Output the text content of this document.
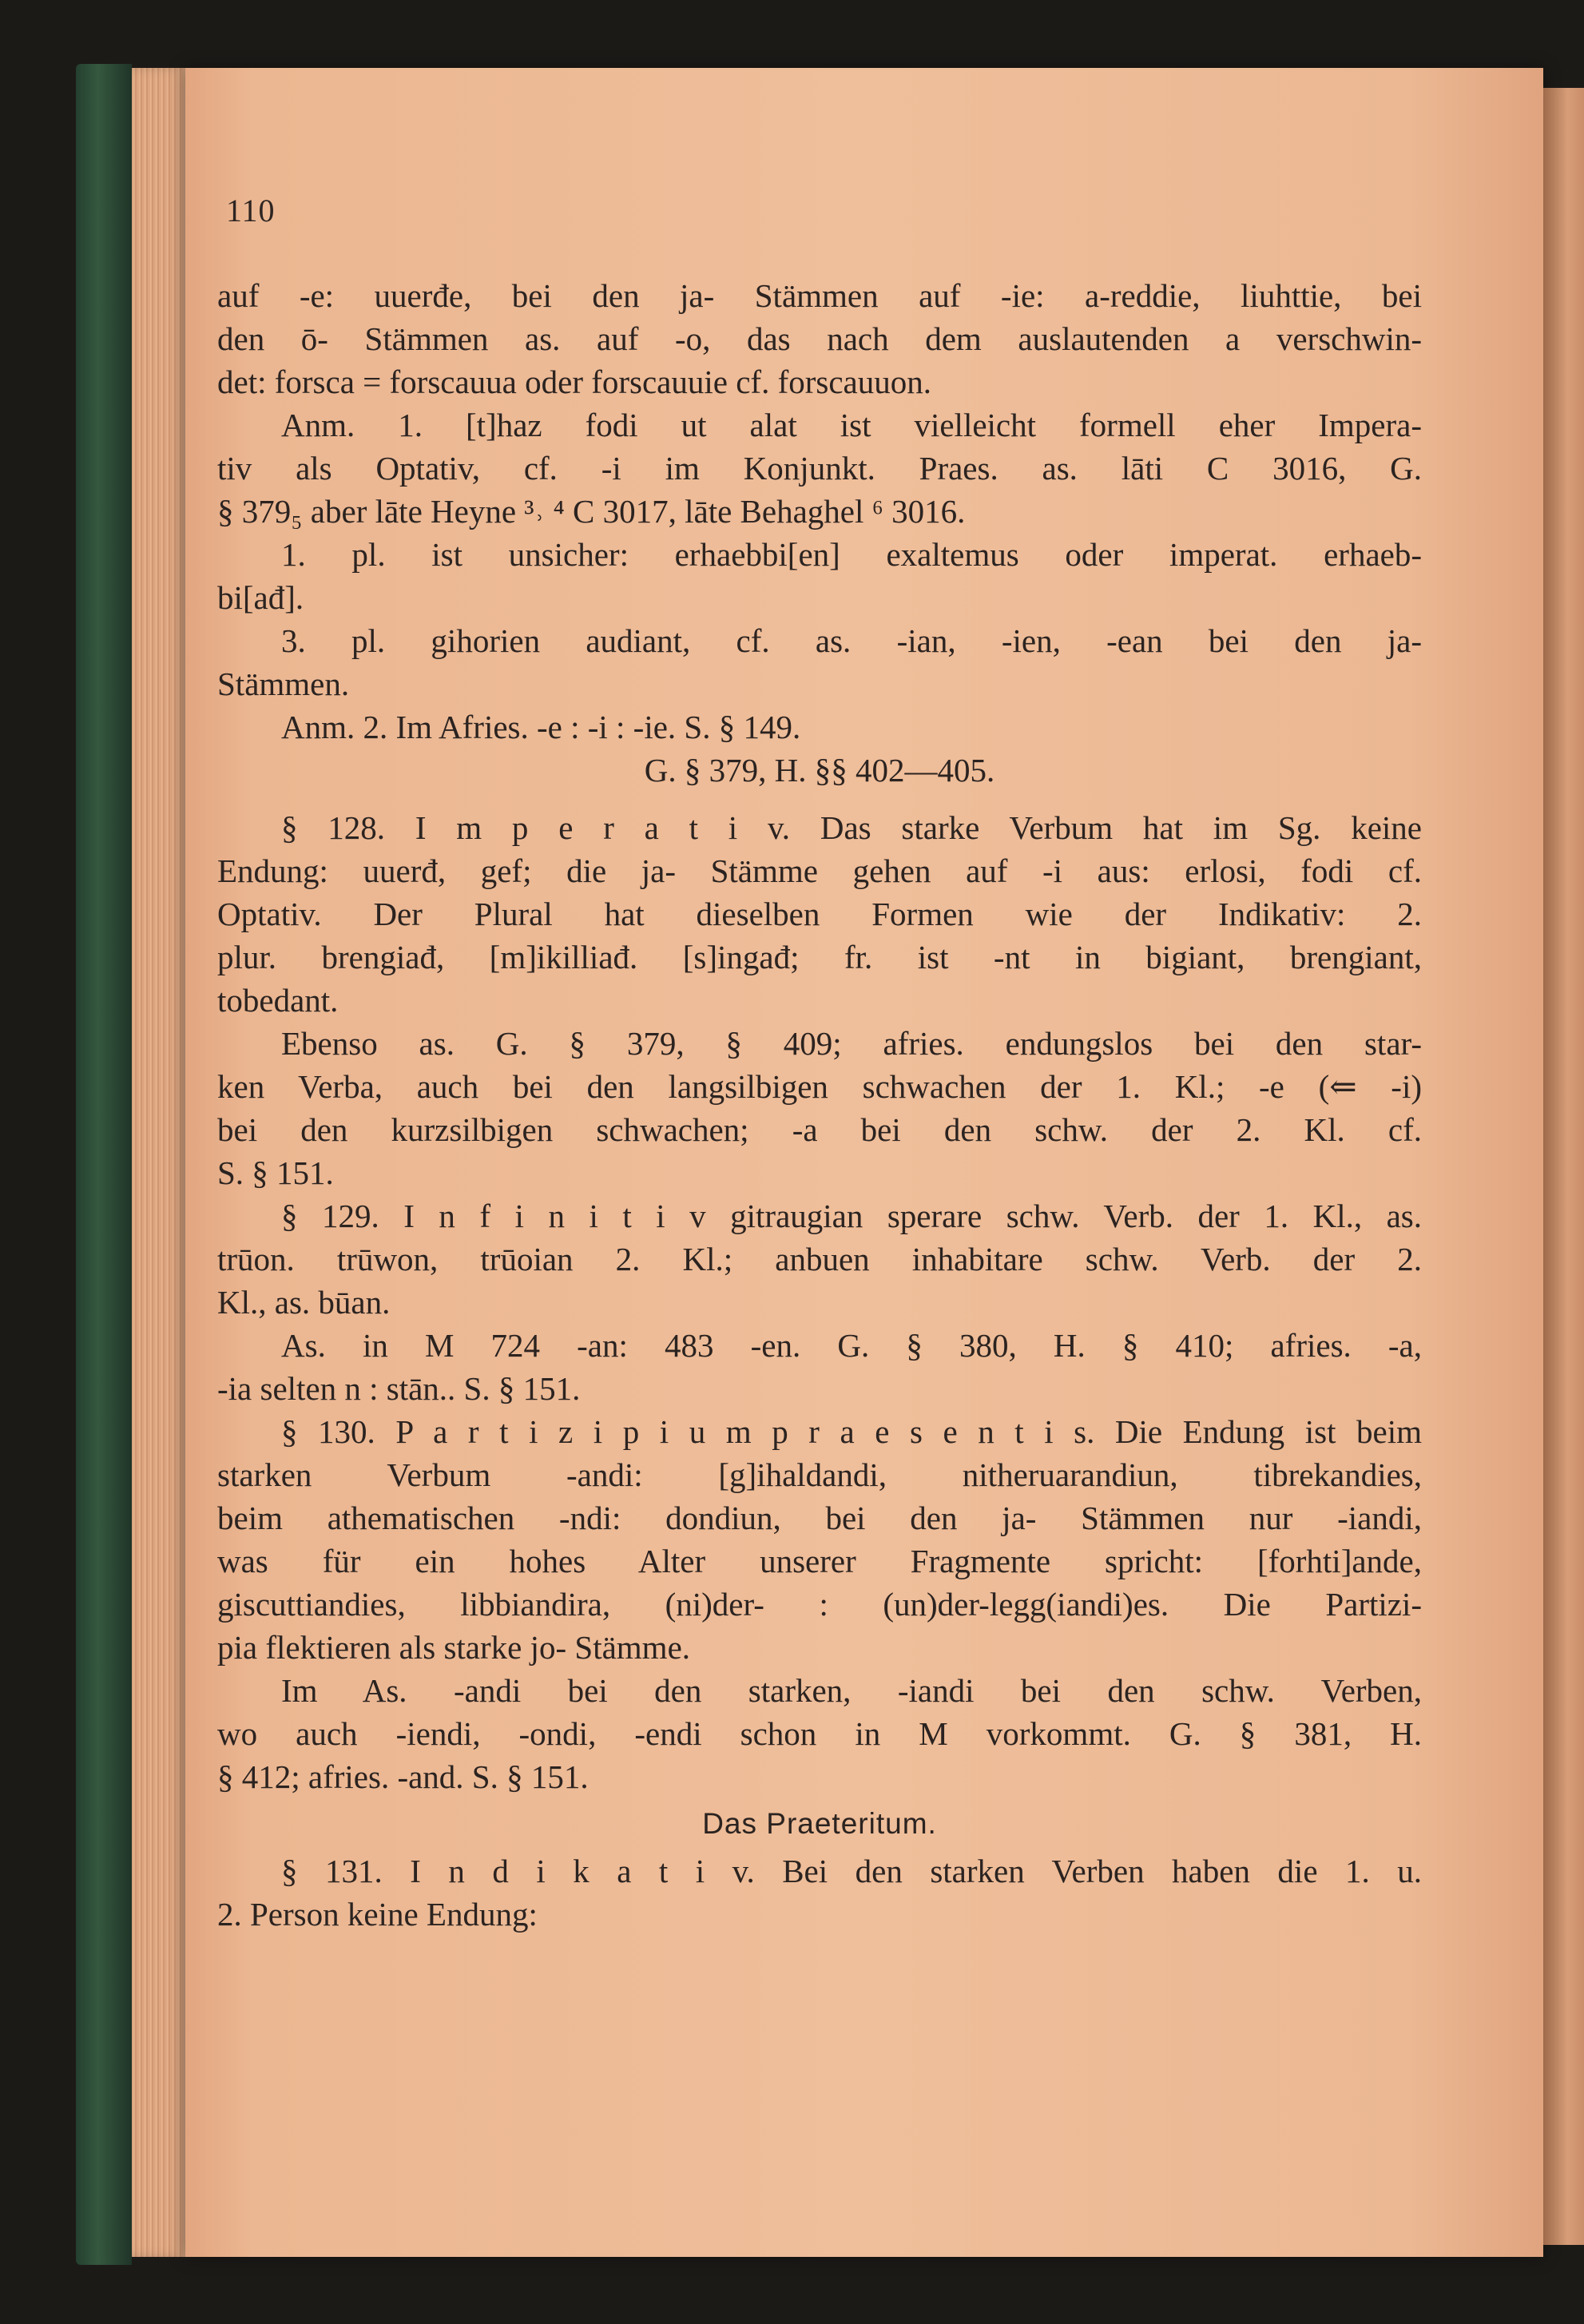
110
auf -e: uuerđe, bei den ja- Stämmen auf -ie: a-reddie, liuhttie, bei
den ō- Stämmen as. auf -o, das nach dem auslautenden a verschwin-
det: forsca = forscauua oder forscauuie cf. forscauuon.
Anm. 1. [t]haz fodi ut alat ist vielleicht formell eher Impera-
tiv als Optativ, cf. -i im Konjunkt. Praes. as. lāti C 3016, G.
§ 379₅ aber lāte Heyne ³˒ ⁴ C 3017, lāte Behaghel ⁶ 3016.
1. pl. ist unsicher: erhaebbi[en] exaltemus oder imperat. erhaeb-
bi[ađ].
3. pl. gihorien audiant, cf. as. -ian, -ien, -ean bei den ja-
Stämmen.
Anm. 2. Im Afries. -e : -i : -ie. S. § 149.
G. § 379, H. §§ 402—405.
§ 128. I m p e r a t i v. Das starke Verbum hat im Sg. keine
Endung: uuerđ, gef; die ja- Stämme gehen auf -i aus: erlosi, fodi cf.
Optativ. Der Plural hat dieselben Formen wie der Indikativ: 2.
plur. brengiađ, [m]ikilliađ. [s]ingađ; fr. ist -nt in bigiant, brengiant,
tobedant.
Ebenso as. G. § 379, § 409; afries. endungslos bei den star-
ken Verba, auch bei den langsilbigen schwachen der 1. Kl.; -e (⇐ -i)
bei den kurzsilbigen schwachen; -a bei den schw. der 2. Kl. cf.
S. § 151.
§ 129. I n f i n i t i v gitraugian sperare schw. Verb. der 1. Kl., as.
trūon. trūwon, trūoian 2. Kl.; anbuen inhabitare schw. Verb. der 2.
Kl., as. būan.
As. in M 724 -an: 483 -en. G. § 380, H. § 410; afries. -a,
-ia selten n : stān.. S. § 151.
§ 130. P a r t i z i p i u m p r a e s e n t i s. Die Endung ist beim
starken Verbum -andi: [g]ihaldandi, nitheruarandiun, tibrekandies,
beim athematischen -ndi: dondiun, bei den ja- Stämmen nur -iandi,
was für ein hohes Alter unserer Fragmente spricht: [forhti]ande,
giscuttiandies, libbiandira, (ni)der- : (un)der-legg(iandi)es. Die Partizi-
pia flektieren als starke jo- Stämme.
Im As. -andi bei den starken, -iandi bei den schw. Verben,
wo auch -iendi, -ondi, -endi schon in M vorkommt. G. § 381, H.
§ 412; afries. -and. S. § 151.
Das Praeteritum.
§ 131. I n d i k a t i v. Bei den starken Verben haben die 1. u.
2. Person keine Endung:
